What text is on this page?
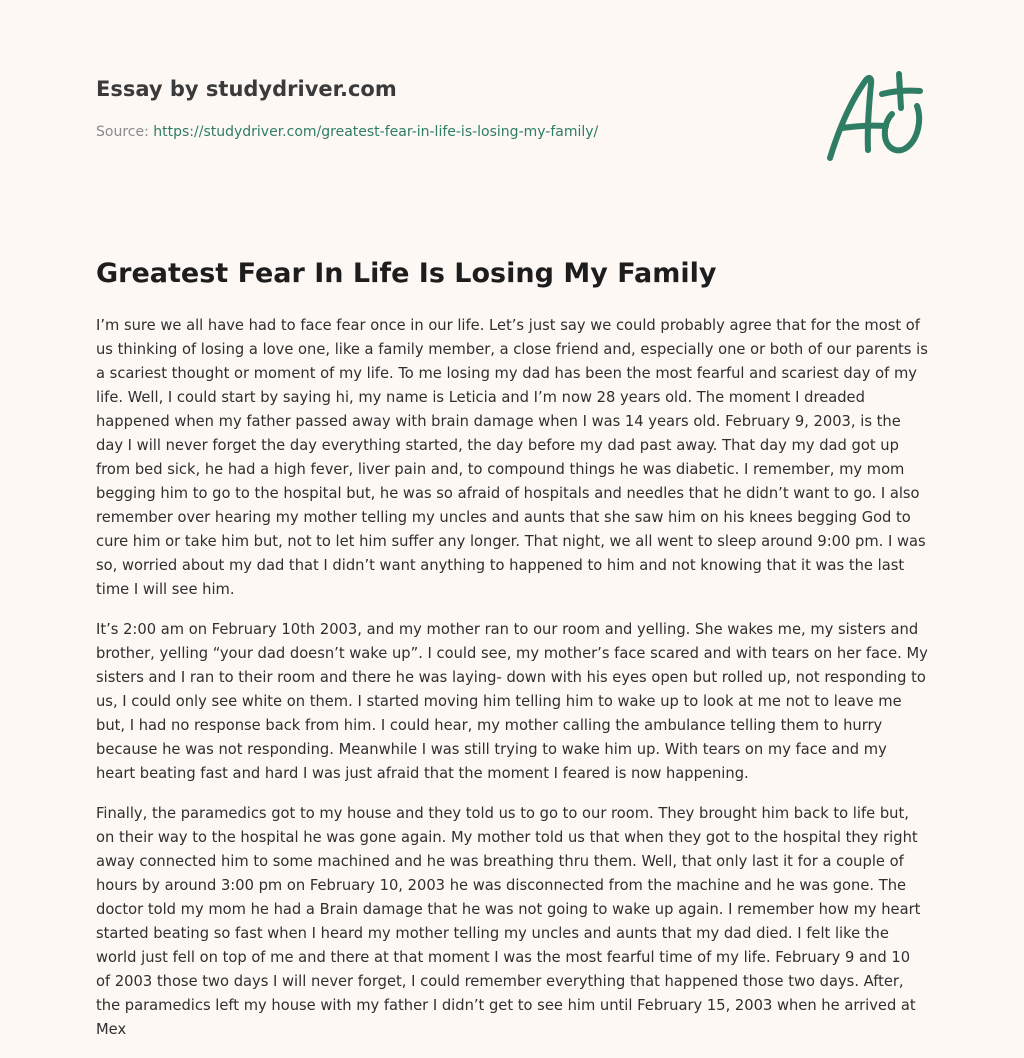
Essay by studydriver.com
Source: https://studydriver.com/greatest-fear-in-life-is-losing-my-family/
Greatest Fear In Life Is Losing My Family

I’m sure we all have had to face fear once in our life. Let’s just say we could probably agree that for the most of us thinking of losing a love one, like a family member, a close friend and, especially one or both of our parents is a scariest thought or moment of my life. To me losing my dad has been the most fearful and scariest day of my life. Well, I could start by saying hi, my name is Leticia and I’m now 28 years old. The moment I dreaded happened when my father passed away with brain damage when I was 14 years old. February 9, 2003, is the day I will never forget the day everything started, the day before my dad past away. That day my dad got up from bed sick, he had a high fever, liver pain and, to compound things he was diabetic. I remember, my mom begging him to go to the hospital but, he was so afraid of hospitals and needles that he didn’t want to go. I also remember over hearing my mother telling my uncles and aunts that she saw him on his knees begging God to cure him or take him but, not to let him suffer any longer. That night, we all went to sleep around 9:00 pm. I was so, worried about my dad that I didn’t want anything to happened to him and not knowing that it was the last time I will see him.

It’s 2:00 am on February 10th 2003, and my mother ran to our room and yelling. She wakes me, my sisters and brother, yelling “your dad doesn’t wake up”. I could see, my mother’s face scared and with tears on her face. My sisters and I ran to their room and there he was laying- down with his eyes open but rolled up, not responding to us, I could only see white on them. I started moving him telling him to wake up to look at me not to leave me but, I had no response back from him. I could hear, my mother calling the ambulance telling them to hurry because he was not responding. Meanwhile I was still trying to wake him up. With tears on my face and my heart beating fast and hard I was just afraid that the moment I feared is now happening.

Finally, the paramedics got to my house and they told us to go to our room. They brought him back to life but, on their way to the hospital he was gone again. My mother told us that when they got to the hospital they right away connected him to some machined and he was breathing thru them. Well, that only last it for a couple of hours by around 3:00 pm on February 10, 2003 he was disconnected from the machine and he was gone. The doctor told my mom he had a Brain damage that he was not going to wake up again. I remember how my heart started beating so fast when I heard my mother telling my uncles and aunts that my dad died. I felt like the world just fell on top of me and there at that moment I was the most fearful time of my life. February 9 and 10 of 2003 those two days I will never forget, I could remember everything that happened those two days. After, the paramedics left my house with my father I didn’t get to see him until February 15, 2003 when he arrived at Mex
